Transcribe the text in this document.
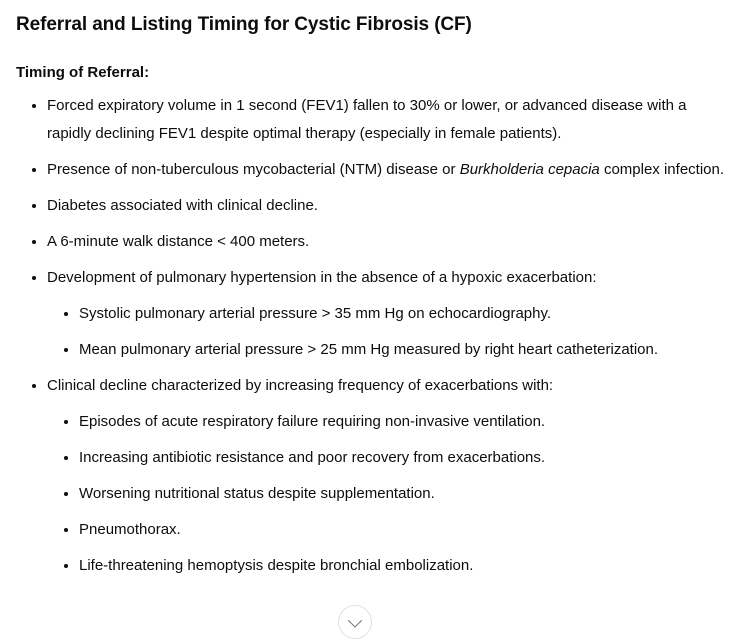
Referral and Listing Timing for Cystic Fibrosis (CF)

Timing of Referral:

• Forced expiratory volume in 1 second (FEV1) fallen to 30% or lower, or advanced disease with a rapidly declining FEV1 despite optimal therapy (especially in female patients).
• Presence of non-tuberculous mycobacterial (NTM) disease or Burkholderia cepacia complex infection.
• Diabetes associated with clinical decline.
• A 6-minute walk distance < 400 meters.
• Development of pulmonary hypertension in the absence of a hypoxic exacerbation:
• Systolic pulmonary arterial pressure > 35 mm Hg on echocardiography.
• Mean pulmonary arterial pressure > 25 mm Hg measured by right heart catheterization.
• Clinical decline characterized by increasing frequency of exacerbations with:
• Episodes of acute respiratory failure requiring non-invasive ventilation.
• Increasing antibiotic resistance and poor recovery from exacerbations.
• Worsening nutritional status despite supplementation.
• Pneumothorax.
• Life-threatening hemoptysis despite bronchial embolization.
